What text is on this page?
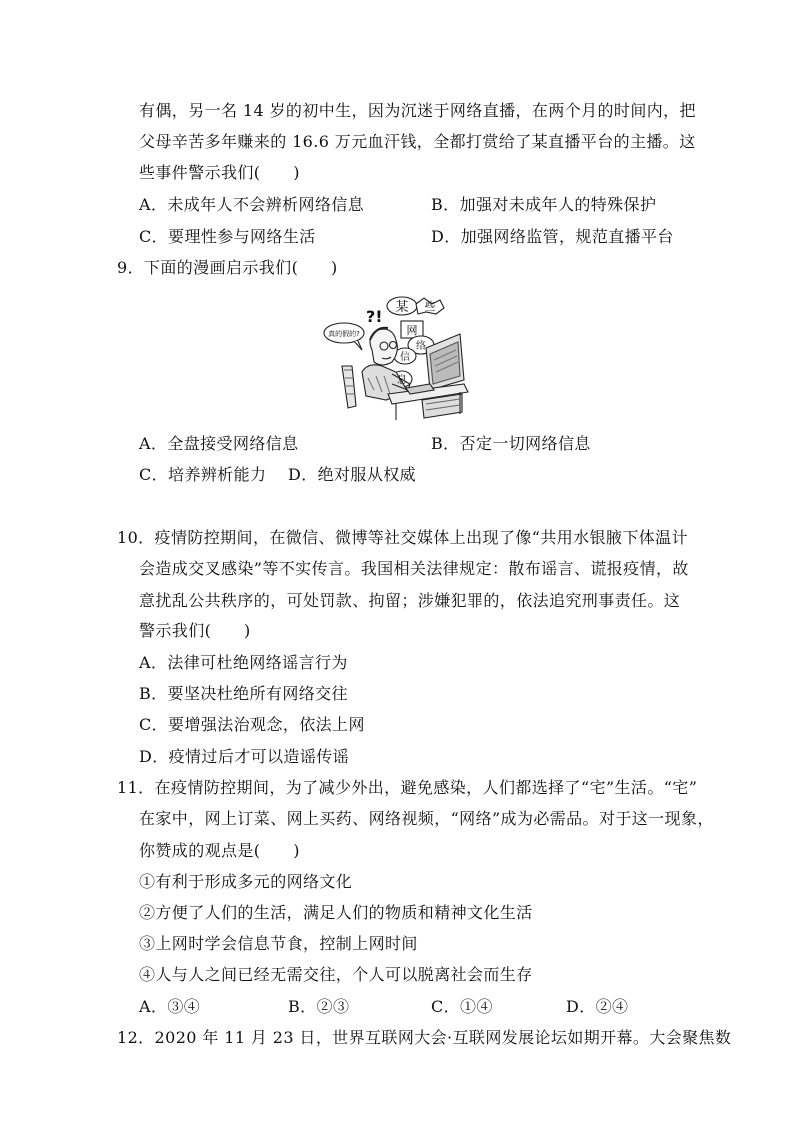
有偶，另一名 14 岁的初中生，因为沉迷于网络直播，在两个月的时间内，把
父母辛苦多年赚来的 16.6 万元血汗钱，全都打赏给了某直播平台的主播。这
些事件警示我们(　　)
A．未成年人不会辨析网络信息	B．加强对未成年人的特殊保护
C．要理性参与网络生活	D．加强网络监管，规范直播平台
9．下面的漫画启示我们(　　)
真的假的?
?! 某 些
网
络
信
息
A．全盘接受网络信息	B．否定一切网络信息
C．培养辨析能力 D．绝对服从权威
10．疫情防控期间，在微信、微博等社交媒体上出现了像“共用水银腋下体温计
会造成交叉感染”等不实传言。我国相关法律规定：散布谣言、谎报疫情，故
意扰乱公共秩序的，可处罚款、拘留；涉嫌犯罪的，依法追究刑事责任。这
警示我们(　　)
A．法律可杜绝网络谣言行为
B．要坚决杜绝所有网络交往
C．要增强法治观念，依法上网
D．疫情过后才可以造谣传谣
11．在疫情防控期间，为了减少外出，避免感染，人们都选择了“宅”生活。“宅”
在家中，网上订菜、网上买药、网络视频，“网络”成为必需品。对于这一现象，
你赞成的观点是(　　)
①有利于形成多元的网络文化
②方便了人们的生活，满足人们的物质和精神文化生活
③上网时学会信息节食，控制上网时间
④人与人之间已经无需交往，个人可以脱离社会而生存
A．③④	B．②③	C．①④	D．②④
12．2020 年 11 月 23 日，世界互联网大会·互联网发展论坛如期开幕。大会聚焦数
